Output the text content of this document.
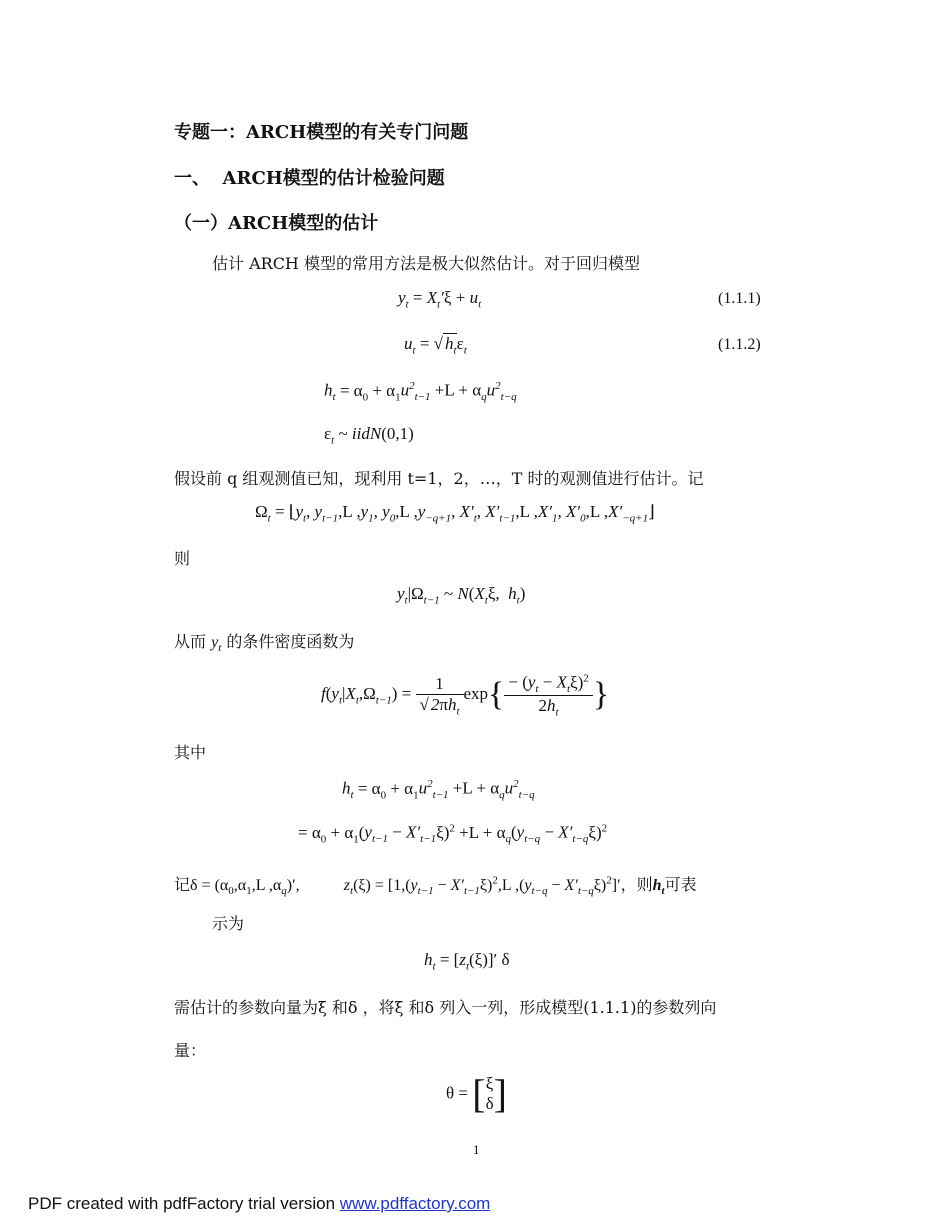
专题一：ARCH模型的有关专门问题
一、  ARCH模型的估计检验问题
（一）ARCH模型的估计
估计 ARCH 模型的常用方法是极大似然估计。对于回归模型
$y_t = X_t'\xi + u_t$	(1.1.1)
$u_t$ = √ $h_t\varepsilon_t$	(1.1.2)
$h_t = \alpha_0 + \alpha_1u^2_{t-1} +L + \alpha_qu^2_{t-q}$
$\varepsilon_t$ ~ iidN(0,1)
假设前 q 组观测值已知，现利用 t=1，2，…，T 时的观测值进行估计。记
$\Omega_t$ = $⌊y_t$, $y_{t-1},L$ $,y_1$, $y_0,L$ $,y_{-q+1}$, $X'_t$, $X'_{t-1},L$ $,X'_1$, $X'_0,L$ $,X'_{-q+1}⌋$
则
$y_t|\Omega_{t-1}$ ~ $N(X_t\xi$,  $h_t$)
从而 $y_t$ 的条件密度函数为
$f(y_t|X_t,\Omega_{t-1}) = \frac{1}{√ 2\pi h_t} \exp\{ \frac{- (y_t - X_t\xi)^2}{2h_t}$ }
其中
$h_t = \alpha_0 + \alpha_1u^2_{t-1} +L + \alpha_qu^2_{t-q}$
= $\alpha_0 + \alpha_1(y_{t-1} - X'_{t-1}\xi)^2 +L + \alpha_q(y_{t-q} - X'_{t-q}\xi)^2$
记$\delta = (\alpha_0,\alpha_1,L$ $,\alpha_q)'$,	$z_t(\xi) = [1,(y_{t-1} - X'_{t-1}\xi)^2,L$ $,(y_{t-q} - X'_{t-q}\xi)^2]'$，则$h_t$可表
示为
$h_t = [z_t(\xi)]'$ δ
需估计的参数向量为ξ 和δ ，将ξ 和δ 列入一列，形成模型(1.1.1)的参数列向
量：
θ = [ξ
δ]
1
PDF created with pdfFactory trial version www.pdffactory.com
